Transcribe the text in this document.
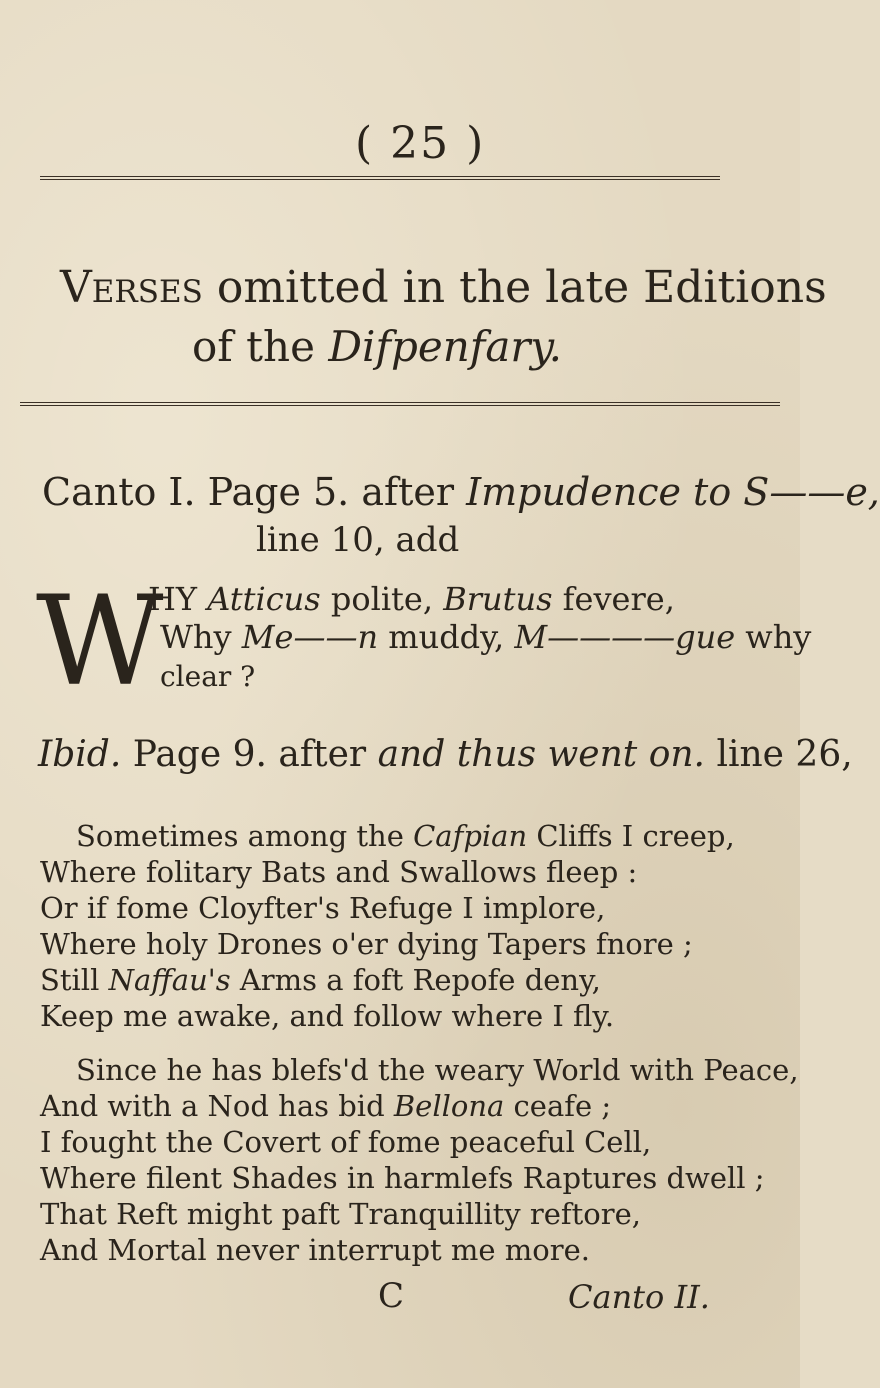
( 25 )
Verses omitted in the late Editions
of the Difpenfary.
Canto I. Page 5. after Impudence to S——e,
line 10, add
W
HY Atticus polite, Brutus fevere,
Why Me——n muddy, M————gue why
clear ?
Ibid. Page 9. after and thus went on. line 26,
Sometimes among the Cafpian Cliffs I creep,
Where folitary Bats and Swallows fleep :
Or if fome Cloyfter's Refuge I implore,
Where holy Drones o'er dying Tapers fnore ;
Still Naffau's Arms a foft Repofe deny,
Keep me awake, and follow where I fly.
Since he has blefs'd the weary World with Peace,
And with a Nod has bid Bellona ceafe ;
I fought the Covert of fome peaceful Cell,
Where filent Shades in harmlefs Raptures dwell ;
That Reft might paft Tranquillity reftore,
And Mortal never interrupt me more.
C	Canto II.
